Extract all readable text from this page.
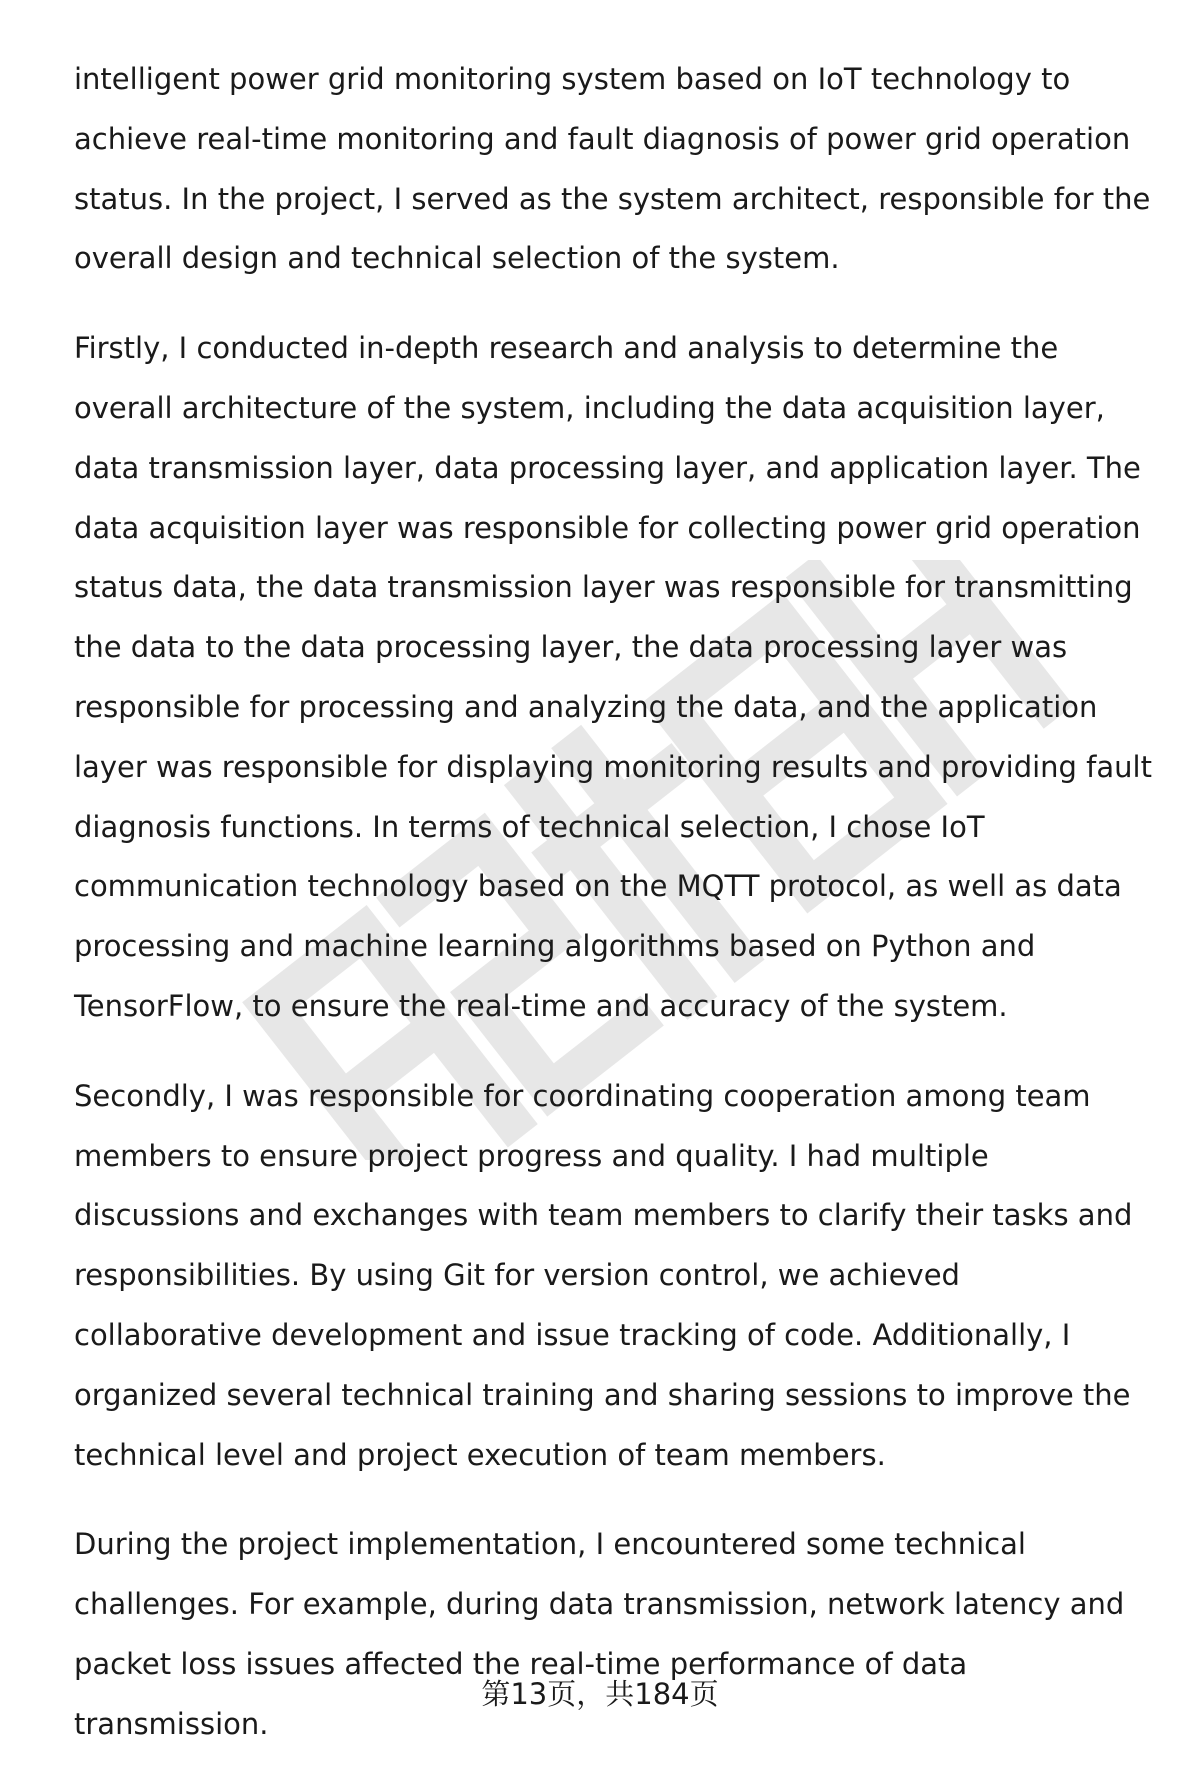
intelligent power grid monitoring system based on IoT technology to achieve real-time monitoring and fault diagnosis of power grid operation status. In the project, I served as the system architect, responsible for the overall design and technical selection of the system.

Firstly, I conducted in-depth research and analysis to determine the overall architecture of the system, including the data acquisition layer, data transmission layer, data processing layer, and application layer. The data acquisition layer was responsible for collecting power grid operation status data, the data transmission layer was responsible for transmitting the data to the data processing layer, the data processing layer was responsible for processing and analyzing the data, and the application layer was responsible for displaying monitoring results and providing fault diagnosis functions. In terms of technical selection, I chose IoT communication technology based on the MQTT protocol, as well as data processing and machine learning algorithms based on Python and TensorFlow, to ensure the real-time and accuracy of the system.

Secondly, I was responsible for coordinating cooperation among team members to ensure project progress and quality. I had multiple discussions and exchanges with team members to clarify their tasks and responsibilities. By using Git for version control, we achieved collaborative development and issue tracking of code. Additionally, I organized several technical training and sharing sessions to improve the technical level and project execution of team members.

During the project implementation, I encountered some technical challenges. For example, during data transmission, network latency and packet loss issues affected the real-time performance of data transmission.

第13页，共184页
